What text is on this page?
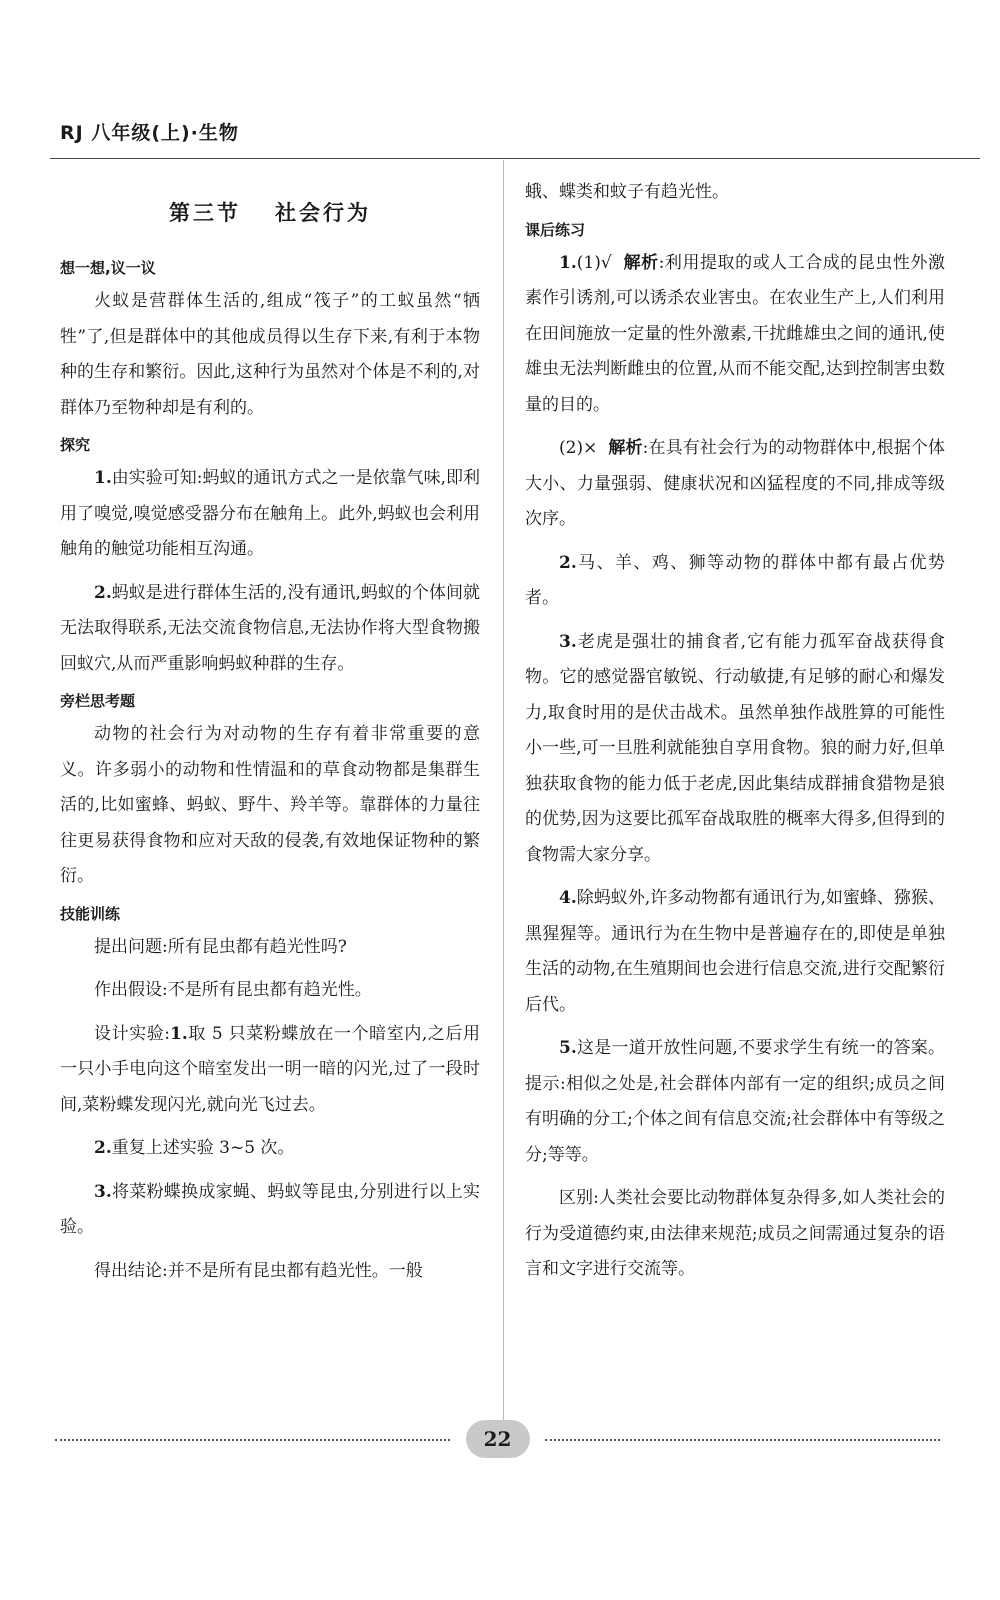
RJ 八年级(上)·生物
第三节 社会行为
想一想,议一议

火蚁是营群体生活的,组成“筏子”的工蚁虽然“牺牲”了,但是群体中的其他成员得以生存下来,有利于本物种的生存和繁衍。因此,这种行为虽然对个体是不利的,对群体乃至物种却是有利的。

探究

1.由实验可知:蚂蚁的通讯方式之一是依靠气味,即利用了嗅觉,嗅觉感受器分布在触角上。此外,蚂蚁也会利用触角的触觉功能相互沟通。

2.蚂蚁是进行群体生活的,没有通讯,蚂蚁的个体间就无法取得联系,无法交流食物信息,无法协作将大型食物搬回蚁穴,从而严重影响蚂蚁种群的生存。

旁栏思考题

动物的社会行为对动物的生存有着非常重要的意义。许多弱小的动物和性情温和的草食动物都是集群生活的,比如蜜蜂、蚂蚁、野牛、羚羊等。靠群体的力量往往更易获得食物和应对天敌的侵袭,有效地保证物种的繁衍。

技能训练

提出问题:所有昆虫都有趋光性吗?

作出假设:不是所有昆虫都有趋光性。

设计实验:1.取 5 只菜粉蝶放在一个暗室内,之后用一只小手电向这个暗室发出一明一暗的闪光,过了一段时间,菜粉蝶发现闪光,就向光飞过去。

2.重复上述实验 3~5 次。

3.将菜粉蝶换成家蝇、蚂蚁等昆虫,分别进行以上实验。

得出结论:并不是所有昆虫都有趋光性。一般

蛾、蝶类和蚊子有趋光性。

课后练习

1.(1)√ 解析:利用提取的或人工合成的昆虫性外激素作引诱剂,可以诱杀农业害虫。在农业生产上,人们利用在田间施放一定量的性外激素,干扰雌雄虫之间的通讯,使雄虫无法判断雌虫的位置,从而不能交配,达到控制害虫数量的目的。

(2)× 解析:在具有社会行为的动物群体中,根据个体大小、力量强弱、健康状况和凶猛程度的不同,排成等级次序。

2.马、羊、鸡、狮等动物的群体中都有最占优势者。

3.老虎是强壮的捕食者,它有能力孤军奋战获得食物。它的感觉器官敏锐、行动敏捷,有足够的耐心和爆发力,取食时用的是伏击战术。虽然单独作战胜算的可能性小一些,可一旦胜利就能独自享用食物。狼的耐力好,但单独获取食物的能力低于老虎,因此集结成群捕食猎物是狼的优势,因为这要比孤军奋战取胜的概率大得多,但得到的食物需大家分享。

4.除蚂蚁外,许多动物都有通讯行为,如蜜蜂、猕猴、黑猩猩等。通讯行为在生物中是普遍存在的,即使是单独生活的动物,在生殖期间也会进行信息交流,进行交配繁衍后代。

5.这是一道开放性问题,不要求学生有统一的答案。提示:相似之处是,社会群体内部有一定的组织;成员之间有明确的分工;个体之间有信息交流;社会群体中有等级之分;等等。

区别:人类社会要比动物群体复杂得多,如人类社会的行为受道德约束,由法律来规范;成员之间需通过复杂的语言和文字进行交流等。

22
